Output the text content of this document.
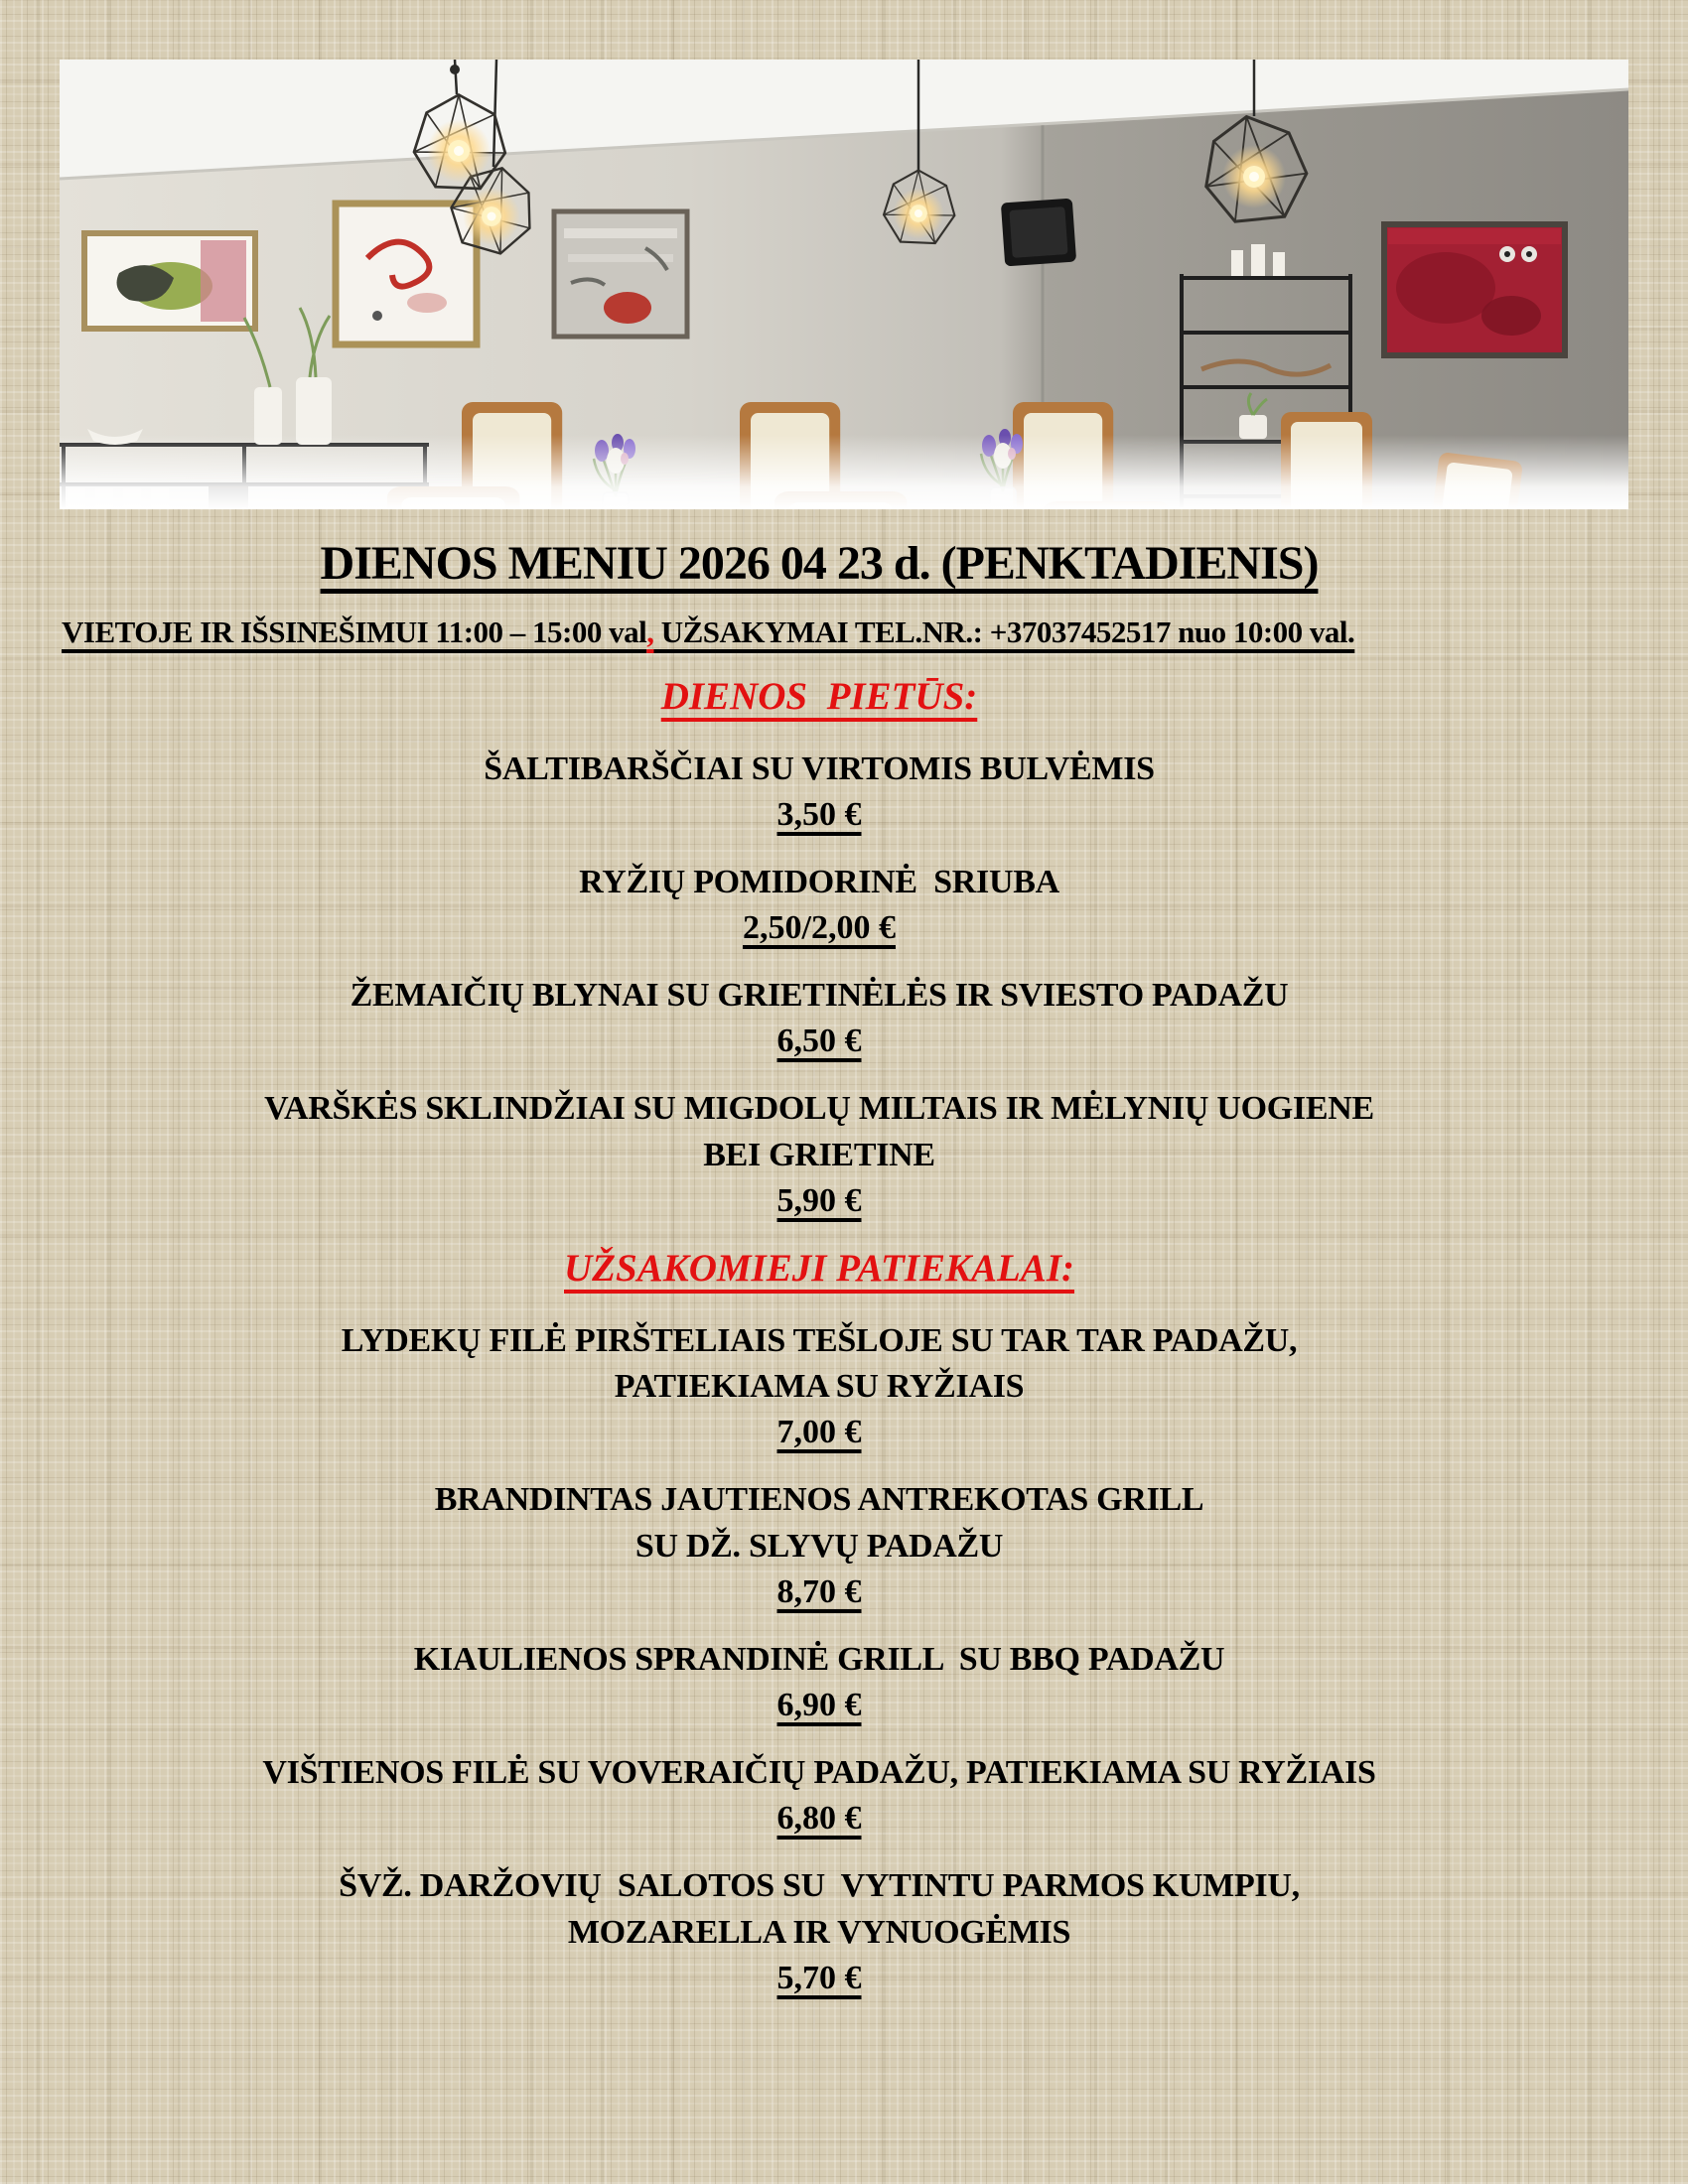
DIENOS MENIU 2026 04 23 d. (PENKTADIENIS)
VIETOJE IR IŠSINEŠIMUI 11:00 – 15:00 val, UŽSAKYMAI TEL.NR.: +37037452517 nuo 10:00 val.
DIENOS  PIETŪS:
ŠALTIBARŠČIAI SU VIRTOMIS BULVĖMIS
3,50 €
RYŽIŲ POMIDORINĖ  SRIUBA
2,50/2,00 €
ŽEMAIČIŲ BLYNAI SU GRIETINĖLĖS IR SVIESTO PADAŽU
6,50 €
VARŠKĖS SKLINDŽIAI SU MIGDOLŲ MILTAIS IR MĖLYNIŲ UOGIENE
BEI GRIETINE
5,90 €
UŽSAKOMIEJI PATIEKALAI:
LYDEKŲ FILĖ PIRŠTELIAIS TEŠLOJE SU TAR TAR PADAŽU,
PATIEKIAMA SU RYŽIAIS
7,00 €
BRANDINTAS JAUTIENOS ANTREKOTAS GRILL
SU DŽ. SLYVŲ PADAŽU
8,70 €
KIAULIENOS SPRANDINĖ GRILL  SU BBQ PADAŽU
6,90 €
VIŠTIENOS FILĖ SU VOVERAIČIŲ PADAŽU, PATIEKIAMA SU RYŽIAIS
6,80 €
ŠVŽ. DARŽOVIŲ  SALOTOS SU  VYTINTU PARMOS KUMPIU,
MOZARELLA IR VYNUOGĖMIS
5,70 €
